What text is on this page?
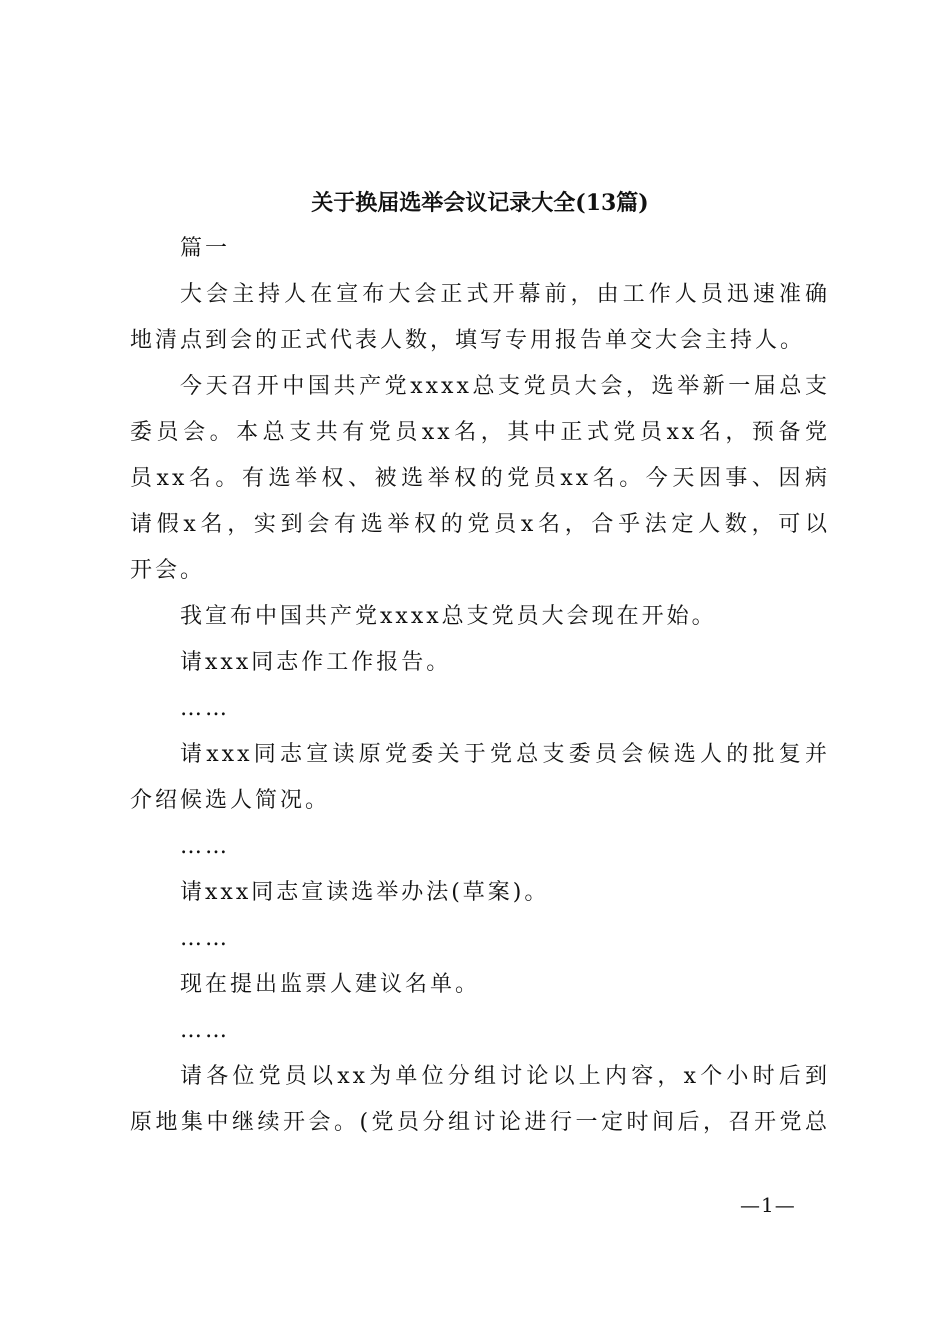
关于换届选举会议记录大全(13篇)
篇一
大会主持人在宣布大会正式开幕前，由工作人员迅速准确
地清点到会的正式代表人数，填写专用报告单交大会主持人。
今天召开中国共产党xxxx总支党员大会，选举新一届总支
委员会。本总支共有党员xx名，其中正式党员xx名，预备党
员xx名。有选举权、被选举权的党员xx名。今天因事、因病
请假x名，实到会有选举权的党员x名，合乎法定人数，可以
开会。
我宣布中国共产党xxxx总支党员大会现在开始。
请xxx同志作工作报告。
……
请xxx同志宣读原党委关于党总支委员会候选人的批复并
介绍候选人简况。
……
请xxx同志宣读选举办法(草案)。
……
现在提出监票人建议名单。
……
请各位党员以xx为单位分组讨论以上内容，x个小时后到
原地集中继续开会。(党员分组讨论进行一定时间后，召开党总
—1—
